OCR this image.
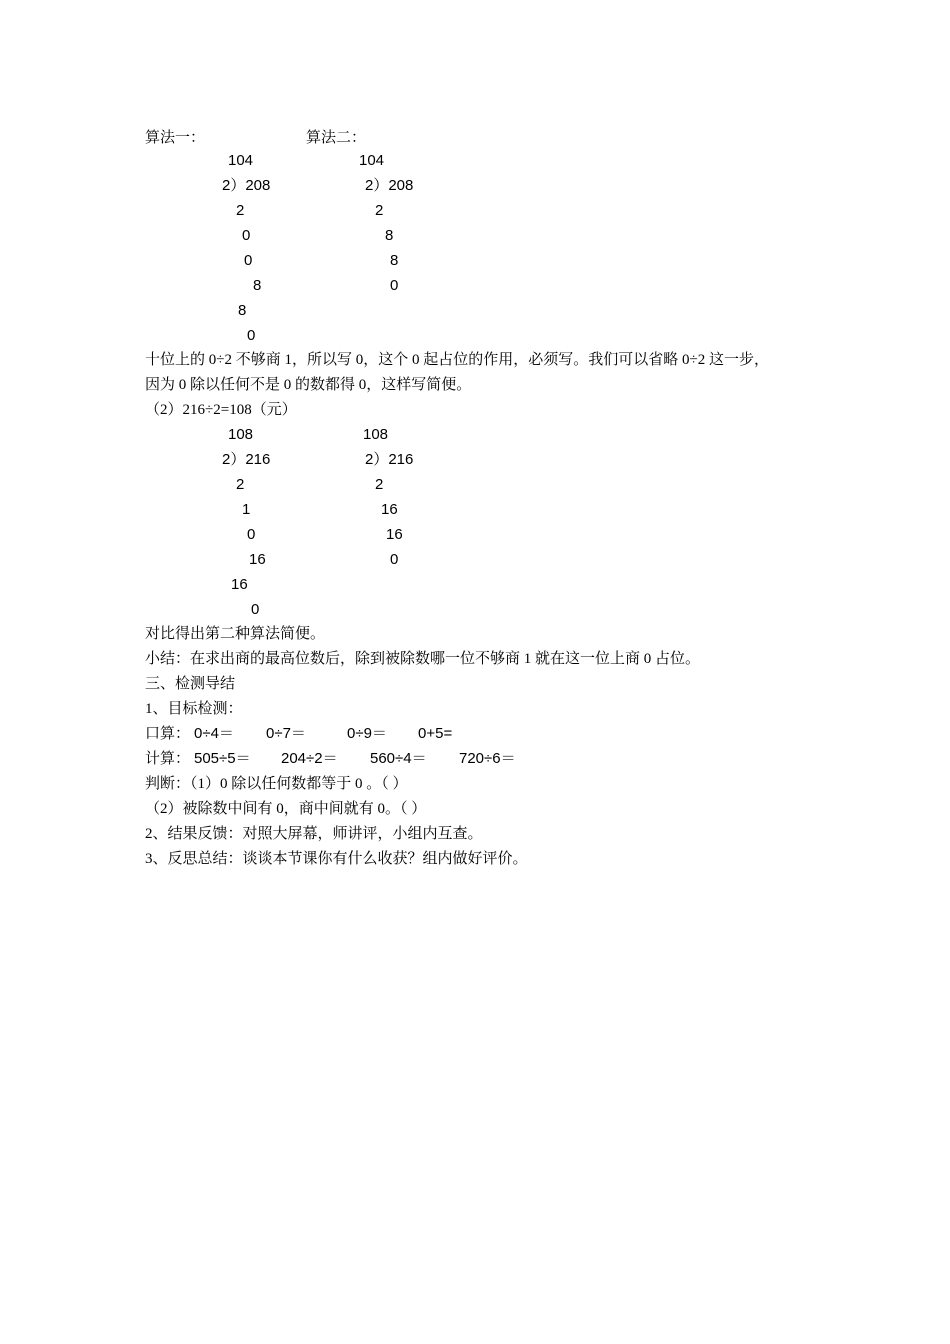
算法一：	算法二：
104
2）208
2
0
0
8
8
0
104
2）208
2
8
8
0
十位上的 0÷2 不够商 1，所以写 0，这个 0 起占位的作用，必须写。我们可以省略 0÷2 这一步，
因为 0 除以任何不是 0 的数都得 0，这样写简便。
（2）216÷2=108（元）
108
2）216
2
1
0
16
16
0
108
2）216
2
16
16
0
对比得出第二种算法简便。
小结：在求出商的最高位数后，除到被除数哪一位不够商 1 就在这一位上商 0 占位。
三、检测导结
1、目标检测：
口算： 0÷4＝ 0÷7＝	0÷9＝ 0+5=
计算： 505÷5＝ 204÷2＝ 560÷4＝ 720÷6＝
判断：（1）0 除以任何数都等于 0 。（ ）
（2）被除数中间有 0，商中间就有 0。（ ）
2、结果反馈：对照大屏幕，师讲评，小组内互查。
3、反思总结：谈谈本节课你有什么收获？组内做好评价。
